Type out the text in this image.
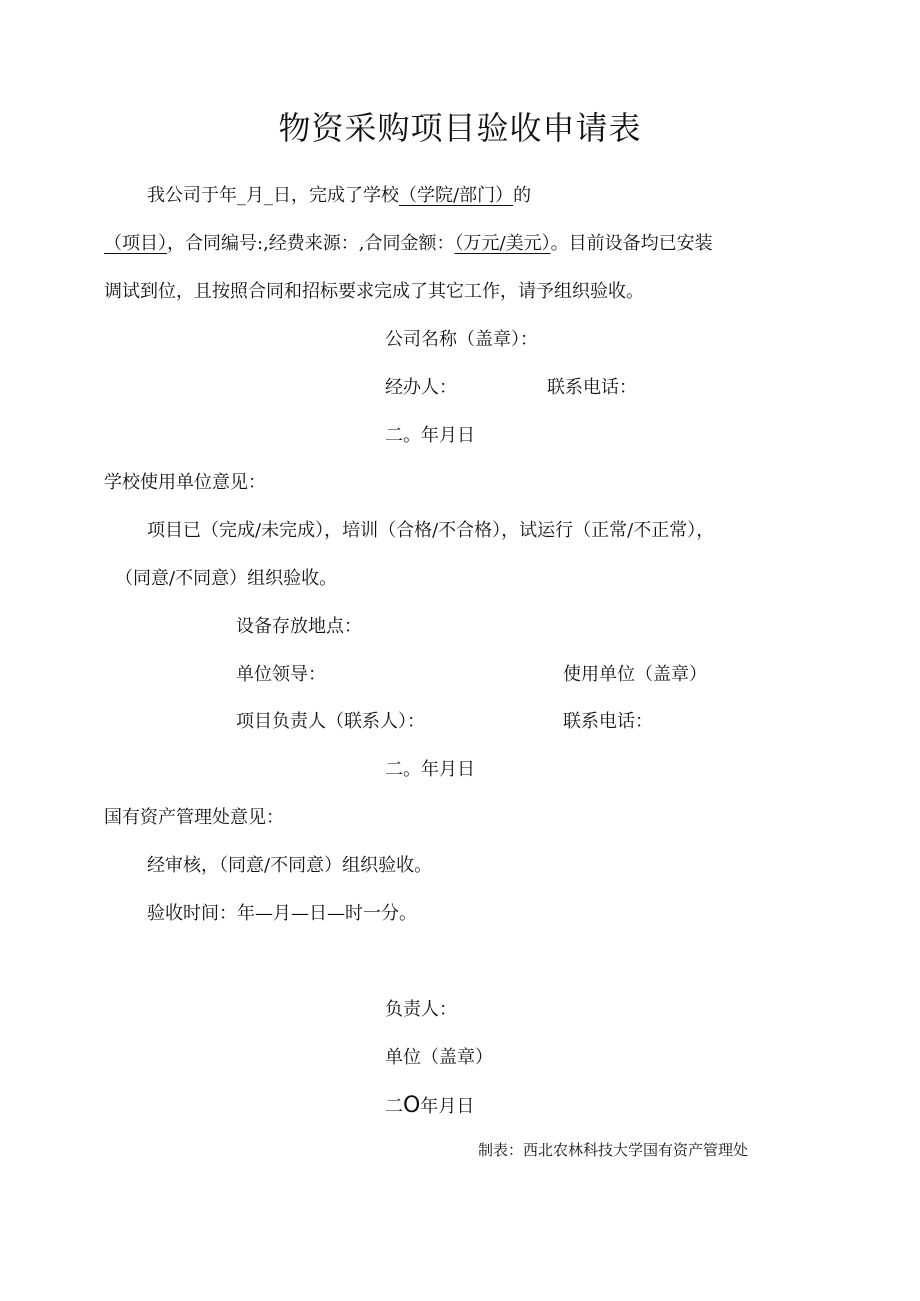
物资采购项目验收申请表
我公司于年_月_日，完成了学校（学院/部门）的
（项目），合同编号:,经费来源：,合同金额：（万元/美元）。目前设备均已安装
调试到位，且按照合同和招标要求完成了其它工作，请予组织验收。
公司名称（盖章）：
经办人：	联系电话：
二。年月日
学校使用单位意见：
项目已（完成/未完成），培训（合格/不合格），试运行（正常/不正常），
（同意/不同意）组织验收。
设备存放地点：
单位领导：	使用单位（盖章）
项目负责人（联系人）：	联系电话：
二。年月日
国有资产管理处意见：
经审核，（同意/不同意）组织验收。
验收时间：年—月—日—时一分。
负责人：
单位（盖章）
二O年月日
制表：西北农林科技大学国有资产管理处
